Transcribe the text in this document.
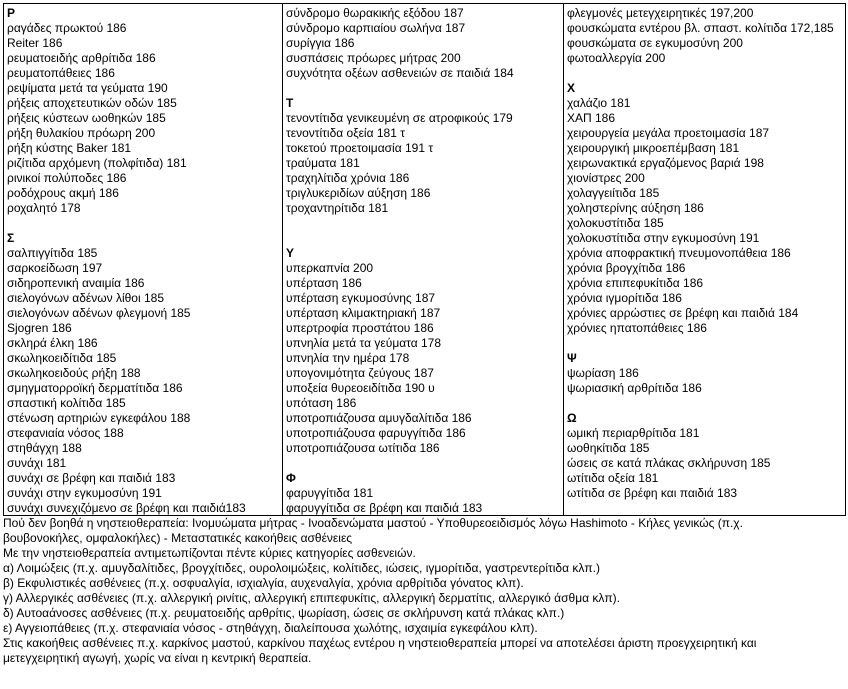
Ρ
ραγάδες πρωκτού 186
Reiter 186
ρευματοειδής αρθρίτιδα 186
ρευματοπάθειες 186
ρεψίματα μετά τα γεύματα 190
ρήξεις αποχετευτικών οδών 185
ρήξεις κύστεων ωοθηκών 185
ρήξη θυλακίου πρόωρη 200
ρήξη κύστης Baker 181
ριζίτιδα αρχόμενη (πολφίτιδα) 181
ρινικοί πολύποδες 186
ροδόχρους ακμή 186
ροχαλητό 178
Σ
σαλπιγγίτιδα 185
σαρκοείδωση 197
σιδηροπενική αναιμία 186
σιελογόνων αδένων λίθοι 185
σιελογόνων αδένων φλεγμονή 185
Sjogren 186
σκληρά έλκη 186
σκωληκοειδίτιδα 185
σκωληκοειδούς ρήξη 188
σμηγματορροϊκή δερματίτιδα 186
σπαστική κολίτιδα 185
στένωση αρτηριών εγκεφάλου 188
στεφανιαία νόσος 188
στηθάγχη 188
συνάχι 181
συνάχι σε βρέφη και παιδιά 183
συνάχι στην εγκυμοσύνη 191
συνάχι συνεχιζόμενο σε βρέφη και παιδιά183
σύνδρομο θωρακικής εξόδου 187
σύνδρομο καρπιαίου σωλήνα 187
συρίγγια 186
συσπάσεις πρόωρες μήτρας 200
συχνότητα οξέων ασθενειών σε παιδιά 184
Τ
τενοντίτιδα γενικευμένη σε ατροφικούς 179
τενοντίτιδα οξεία 181 τ
τοκετού προετοιμασία 191 τ
τραύματα 181
τραχηλίτιδα χρόνια 186
τριγλυκεριδίων αύξηση 186
τροχαντηρίτιδα 181
Υ
υπερκαπνία 200
υπέρταση 186
υπέρταση εγκυμοσύνης 187
υπέρταση κλιμακτηριακή 187
υπερτροφία προστάτου 186
υπνηλία μετά τα γεύματα 178
υπνηλία την ημέρα 178
υπογονιμότητα ζεύγους 187
υποξεία θυρεοειδίτιδα 190 υ
υπόταση 186
υποτροπιάζουσα αμυγδαλίτιδα 186
υποτροπιάζουσα φαρυγγίτιδα 186
υποτροπιάζουσα ωτίτιδα 186
Φ
φαρυγγίτιδα 181
φαρυγγίτιδα σε βρέφη και παιδιά 183
φλεγμονές μετεγχειρητικές 197,200
φουσκώματα εντέρου βλ. σπαστ. κολίτιδα 172,185
φουσκώματα σε εγκυμοσύνη 200
φωτοαλλεργία 200
Χ
χαλάζιο 181
ΧΑΠ 186
χειρουργεία μεγάλα προετοιμασία 187
χειρουργική μικροεπέμβαση 181
χειρωνακτικά εργαζόμενος βαριά 198
χιονίστρες 200
χολαγγειίτιδα 185
χοληστερίνης αύξηση 186
χολοκυστίτιδα 185
χολοκυστίτιδα στην εγκυμοσύνη 191
χρόνια αποφρακτική πνευμονοπάθεια 186
χρόνια βρογχίτιδα 186
χρόνια επιπεφυκίτιδα 186
χρόνια ιγμορίτιδα 186
χρόνιες αρρώστιες σε βρέφη και παιδιά 184
χρόνιες ηπατοπάθειες 186
Ψ
ψωρίαση 186
ψωριασική αρθρίτιδα 186
Ω
ωμική περιαρθρίτιδα 181
ωοθηκίτιδα 185
ώσεις σε κατά πλάκας σκλήρυνση 185
ωτίτιδα οξεία 181
ωτίτιδα σε βρέφη και παιδιά 183
Πού δεν βοηθά η νηστειοθεραπεία: Ινομυώματα μήτρας - Ινοαδενώματα μαστού - Υποθυρεοειδισμός λόγω Hashimoto - Κήλες γενικώς (π.χ.
βουβονοκήλες, ομφαλοκήλες) - Μεταστατικές κακοήθεις ασθένειες
Με την νηστειοθεραπεία αντιμετωπίζονται πέντε κύριες κατηγορίες ασθενειών.
α) Λοιμώξεις (π.χ. αμυγδαλίτιδες, βρογχίτιδες, ουρολοιμώξεις, κολίτιδες, ιώσεις, ιγμορίτιδα, γαστρεντερίτιδα κλπ.)
β) Εκφυλιστικές ασθένειες (π.χ. οσφυαλγία, ισχιαλγία, αυχεναλγία, χρόνια αρθρίτιδα γόνατος κλπ).
γ) Αλλεργικές ασθένειες (π.χ. αλλεργική ρινίτις, αλλεργική επιπεφυκίτις, αλλεργική δερματίτις, αλλεργικό άσθμα κλπ).
δ) Αυτοαάνοσες ασθένειες (π.χ. ρευματοειδής αρθρίτις, ψωρίαση, ώσεις σε σκλήρυνση κατά πλάκας κλπ.)
ε) Αγγειοπάθειες (π.χ. στεφανιαία νόσος - στηθάγχη, διαλείπουσα χωλότης, ισχαιμία εγκεφάλου κλπ).
Στις κακοήθεις ασθένειες π.χ. καρκίνος μαστού, καρκίνου παχέως εντέρου η νηστειοθεραπεία μπορεί να αποτελέσει άριστη προεγχειρητική και
μετεγχειρητική αγωγή, χωρίς να είναι η κεντρική θεραπεία.
